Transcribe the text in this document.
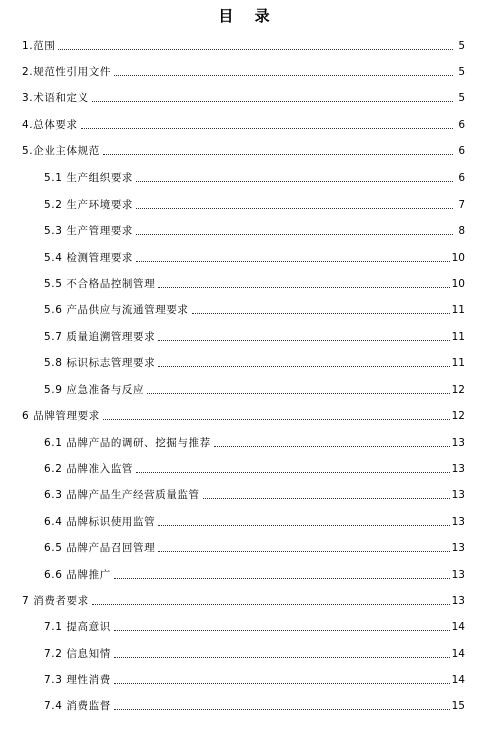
目 录
1.范围	5
2.规范性引用文件	5
3.术语和定义	5
4.总体要求	6
5.企业主体规范	6
5.1 生产组织要求	6
5.2 生产环境要求	7
5.3 生产管理要求	8
5.4 检测管理要求	10
5.5 不合格品控制管理	10
5.6 产品供应与流通管理要求	11
5.7 质量追溯管理要求	11
5.8 标识标志管理要求	11
5.9 应急准备与反应	12
6 品牌管理要求	12
6.1 品牌产品的调研、挖掘与推荐	13
6.2 品牌准入监管	13
6.3 品牌产品生产经营质量监管	13
6.4 品牌标识使用监管	13
6.5 品牌产品召回管理	13
6.6 品牌推广	13
7 消费者要求	13
7.1 提高意识	14
7.2 信息知情	14
7.3 理性消费	14
7.4 消费监督	15
